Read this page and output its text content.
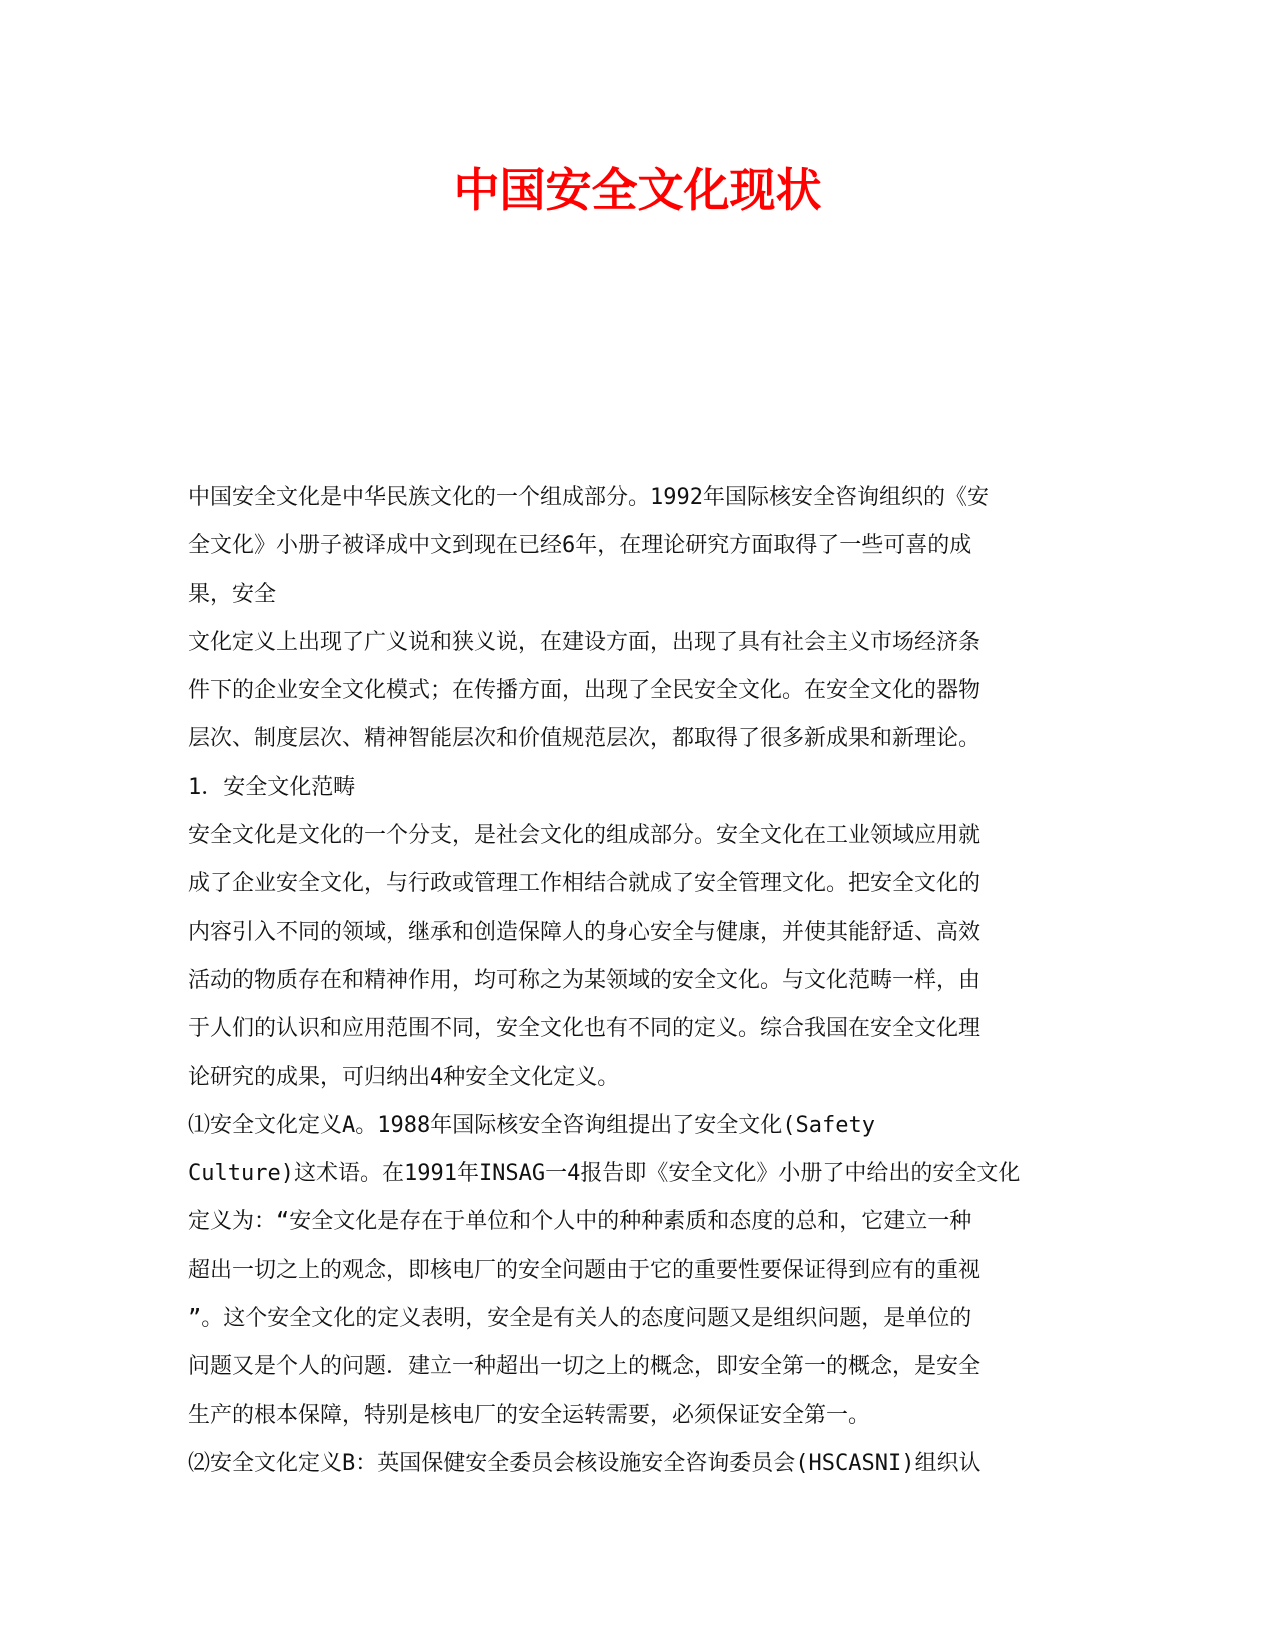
中国安全文化现状
中国安全文化是中华民族文化的一个组成部分。1992年国际核安全咨询组织的《安
全文化》小册子被译成中文到现在已经6年，在理论研究方面取得了一些可喜的成
果，安全
文化定义上出现了广义说和狭义说，在建设方面，出现了具有社会主义市场经济条
件下的企业安全文化模式；在传播方面，出现了全民安全文化。在安全文化的器物
层次、制度层次、精神智能层次和价值规范层次，都取得了很多新成果和新理论。
1．安全文化范畴
安全文化是文化的一个分支，是社会文化的组成部分。安全文化在工业领域应用就
成了企业安全文化，与行政或管理工作相结合就成了安全管理文化。把安全文化的
内容引入不同的领域，继承和创造保障人的身心安全与健康，并使其能舒适、高效
活动的物质存在和精神作用，均可称之为某领域的安全文化。与文化范畴一样，由
于人们的认识和应用范围不同，安全文化也有不同的定义。综合我国在安全文化理
论研究的成果，可归纳出4种安全文化定义。
⑴安全文化定义A。1988年国际核安全咨询组提出了安全文化(Safety
Culture)这术语。在1991年INSAG一4报告即《安全文化》小册了中给出的安全文化
定义为：“安全文化是存在于单位和个人中的种种素质和态度的总和，它建立一种
超出一切之上的观念，即核电厂的安全问题由于它的重要性要保证得到应有的重视
”。这个安全文化的定义表明，安全是有关人的态度问题又是组织问题，是单位的
问题又是个人的问题．建立一种超出一切之上的概念，即安全第一的概念，是安全
生产的根本保障，特别是核电厂的安全运转需要，必须保证安全第一。
⑵安全文化定义B：英国保健安全委员会核设施安全咨询委员会(HSCASNI)组织认
